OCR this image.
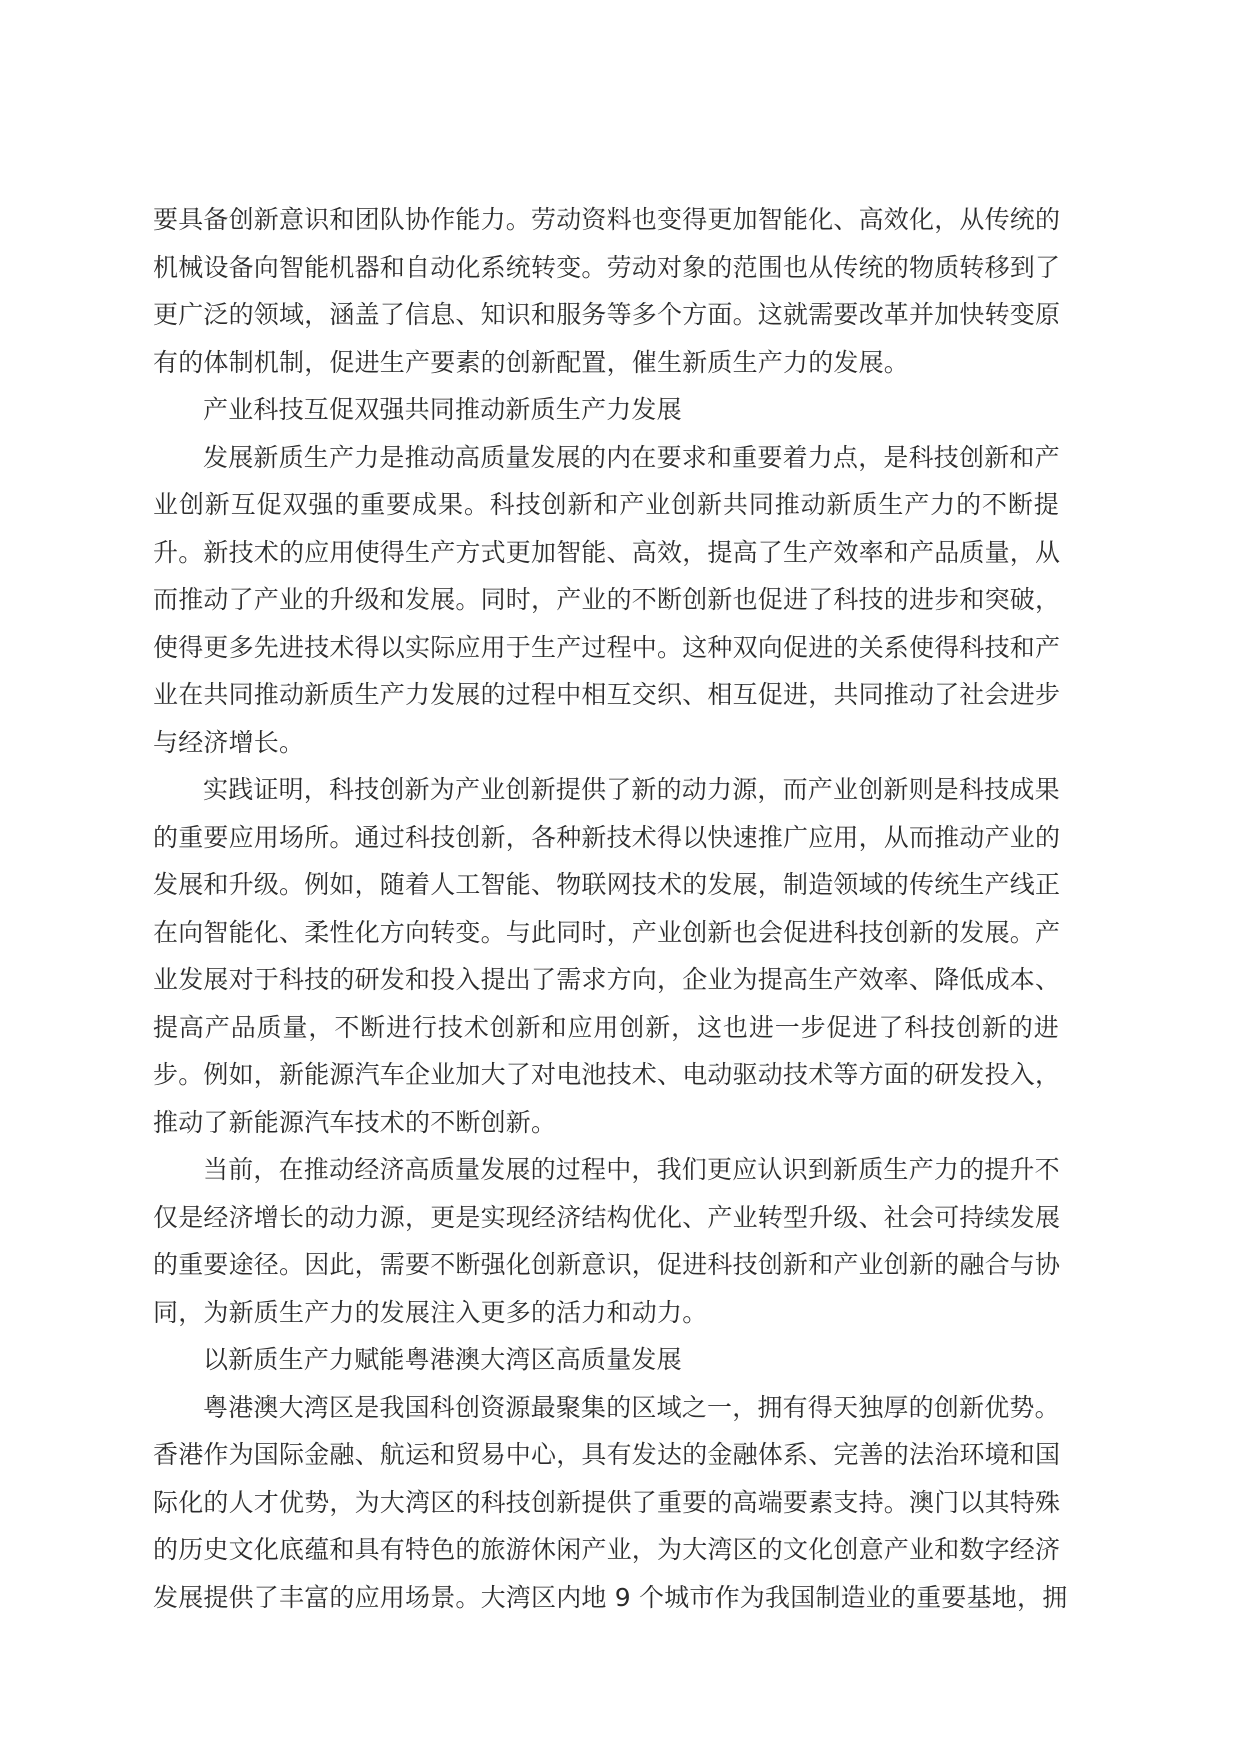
要具备创新意识和团队协作能力。劳动资料也变得更加智能化、高效化，从传统的
机械设备向智能机器和自动化系统转变。劳动对象的范围也从传统的物质转移到了
更广泛的领域，涵盖了信息、知识和服务等多个方面。这就需要改革并加快转变原
有的体制机制，促进生产要素的创新配置，催生新质生产力的发展。
产业科技互促双强共同推动新质生产力发展
发展新质生产力是推动高质量发展的内在要求和重要着力点，是科技创新和产
业创新互促双强的重要成果。科技创新和产业创新共同推动新质生产力的不断提
升。新技术的应用使得生产方式更加智能、高效，提高了生产效率和产品质量，从
而推动了产业的升级和发展。同时，产业的不断创新也促进了科技的进步和突破，
使得更多先进技术得以实际应用于生产过程中。这种双向促进的关系使得科技和产
业在共同推动新质生产力发展的过程中相互交织、相互促进，共同推动了社会进步
与经济增长。
实践证明，科技创新为产业创新提供了新的动力源，而产业创新则是科技成果
的重要应用场所。通过科技创新，各种新技术得以快速推广应用，从而推动产业的
发展和升级。例如，随着人工智能、物联网技术的发展，制造领域的传统生产线正
在向智能化、柔性化方向转变。与此同时，产业创新也会促进科技创新的发展。产
业发展对于科技的研发和投入提出了需求方向，企业为提高生产效率、降低成本、
提高产品质量，不断进行技术创新和应用创新，这也进一步促进了科技创新的进
步。例如，新能源汽车企业加大了对电池技术、电动驱动技术等方面的研发投入，
推动了新能源汽车技术的不断创新。
当前，在推动经济高质量发展的过程中，我们更应认识到新质生产力的提升不
仅是经济增长的动力源，更是实现经济结构优化、产业转型升级、社会可持续发展
的重要途径。因此，需要不断强化创新意识，促进科技创新和产业创新的融合与协
同，为新质生产力的发展注入更多的活力和动力。
以新质生产力赋能粤港澳大湾区高质量发展
粤港澳大湾区是我国科创资源最聚集的区域之一，拥有得天独厚的创新优势。
香港作为国际金融、航运和贸易中心，具有发达的金融体系、完善的法治环境和国
际化的人才优势，为大湾区的科技创新提供了重要的高端要素支持。澳门以其特殊
的历史文化底蕴和具有特色的旅游休闲产业，为大湾区的文化创意产业和数字经济
发展提供了丰富的应用场景。大湾区内地 9 个城市作为我国制造业的重要基地，拥
